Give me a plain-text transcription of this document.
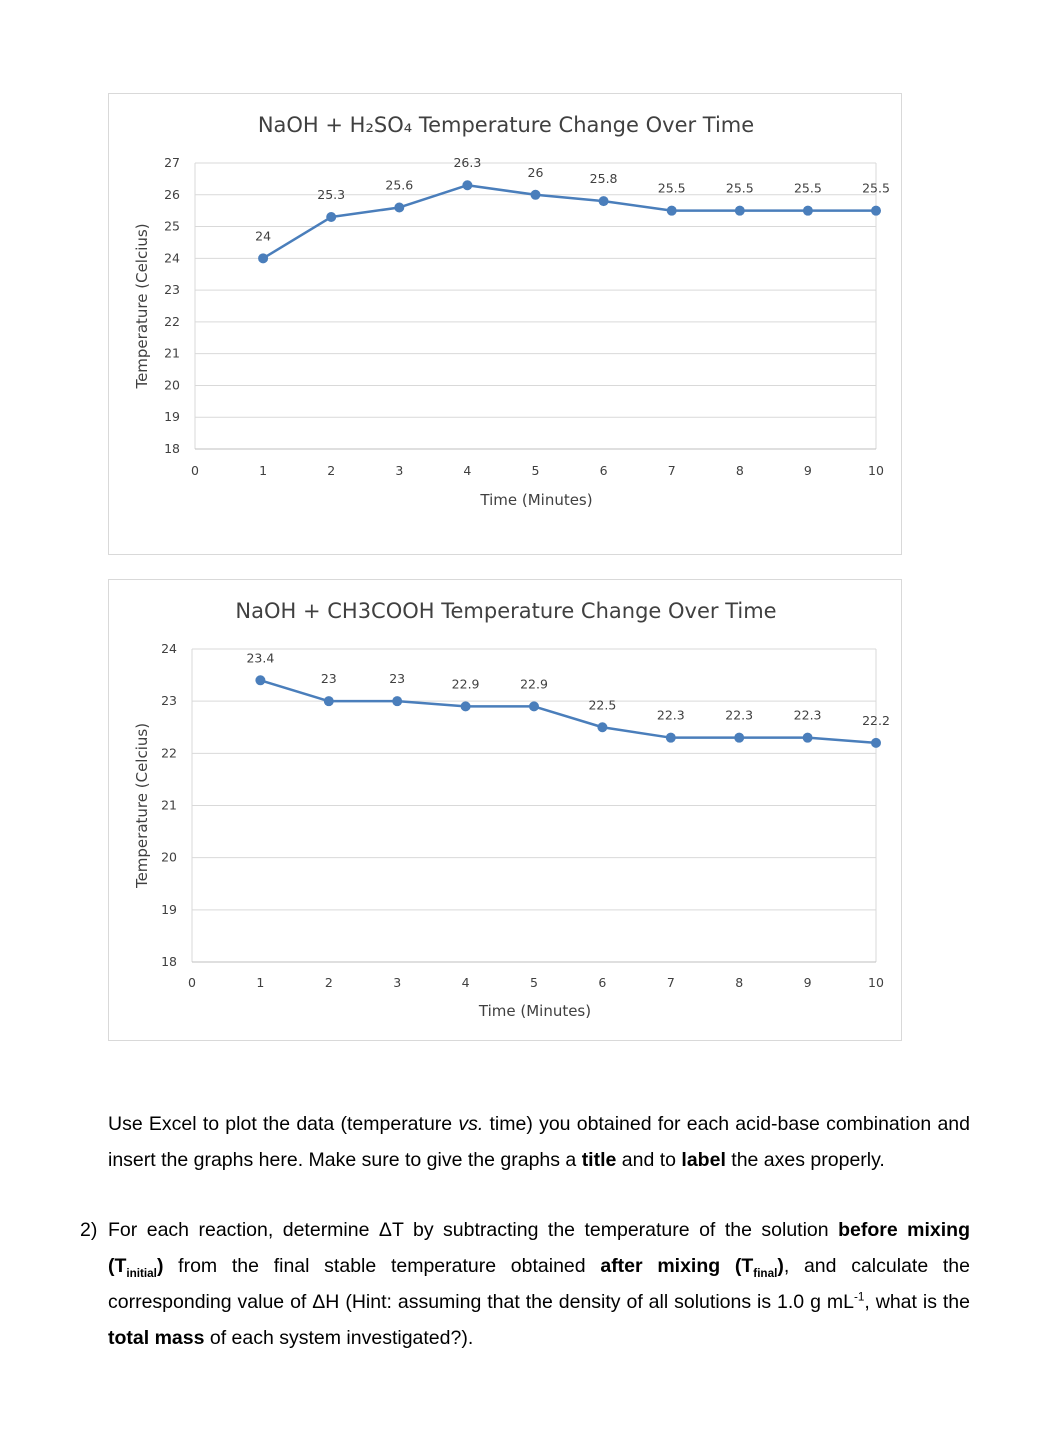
NaOH + H₂SO₄ Temperature Change Over Time
18
19
20
21
22
23
24
25
26
27
0	1	2	3	4	5	6	7	8	9	10
Time (Minutes)
Temperature (Celcius)	24
25.3
25.6
26.3
26	25.8
25.5	25.5	25.5	25.5
NaOH + CH3COOH Temperature Change Over Time
18
19
20
21
22
23
24
0	1	2	3	4	5	6	7	8	9	10
Time (Minutes)
Temperature (Celcius)
23.4
23	23	22.9	22.9
22.5
22.3	22.3	22.3	22.2
Use Excel to plot the data (temperature vs. time) you obtained for each acid-base combination and insert the graphs here. Make sure to give the graphs a title and to label the axes properly.
2) For each reaction, determine ΔT by subtracting the temperature of the solution before mixing $(T_{initial})$ from the final stable temperature obtained after mixing $(T_{final})$, and calculate the corresponding value of ΔH (Hint: assuming that the density of all solutions is 1.0 g $mL^{-1}$, what is the total mass of each system investigated?).
